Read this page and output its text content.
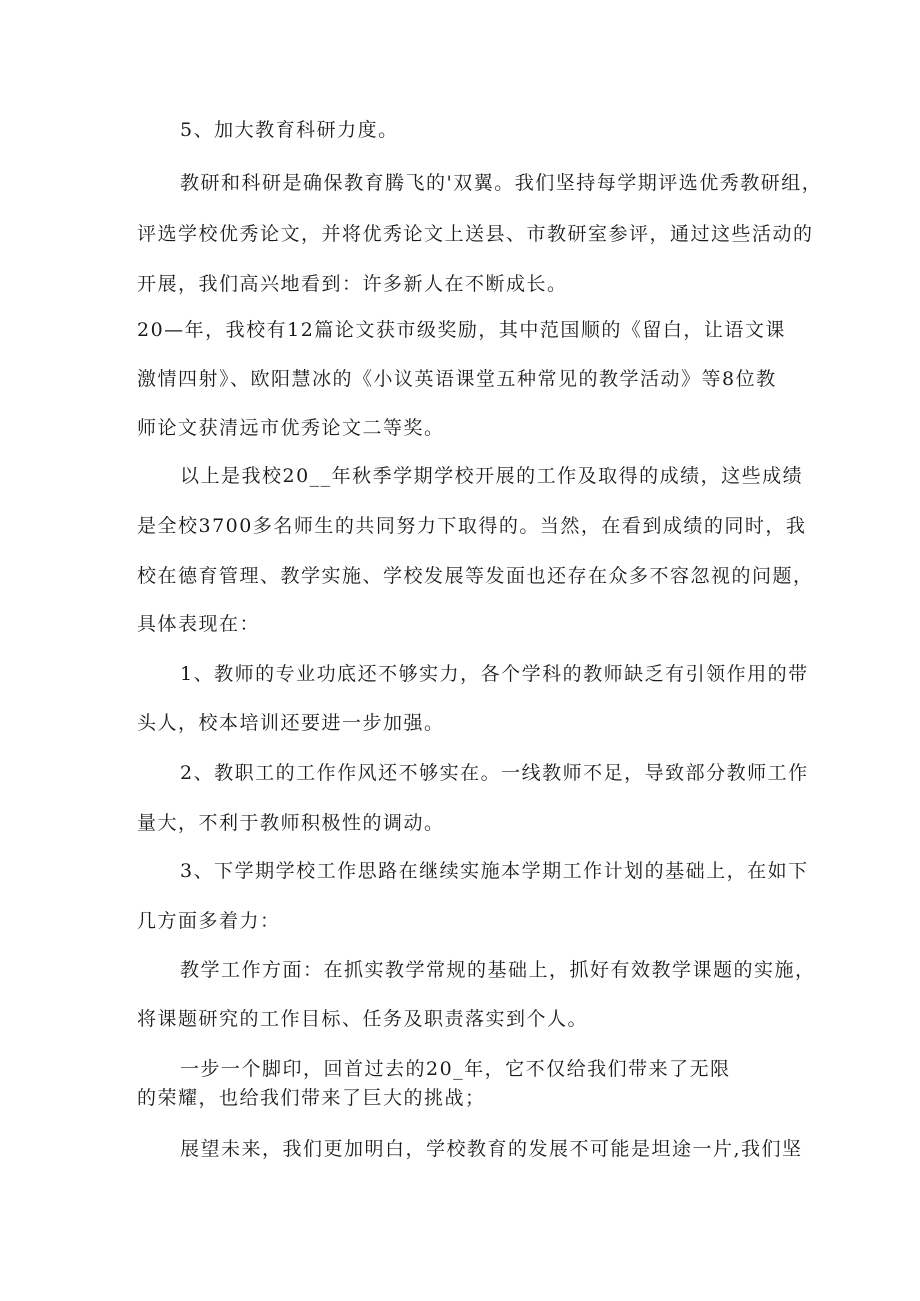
5、加大教育科研力度。
教研和科研是确保教育腾飞的'双翼。我们坚持每学期评选优秀教研组，
评选学校优秀论文，并将优秀论文上送县、市教研室参评，通过这些活动的
开展，我们高兴地看到：许多新人在不断成长。
20—年，我校有12篇论文获市级奖励，其中范国顺的《留白，让语文课
激情四射》、欧阳慧冰的《小议英语课堂五种常见的教学活动》等8位教
师论文获清远市优秀论文二等奖。
以上是我校20__年秋季学期学校开展的工作及取得的成绩，这些成绩
是全校3700多名师生的共同努力下取得的。当然，在看到成绩的同时，我
校在德育管理、教学实施、学校发展等发面也还存在众多不容忽视的问题，
具体表现在：
1、教师的专业功底还不够实力，各个学科的教师缺乏有引领作用的带
头人，校本培训还要进一步加强。
2、教职工的工作作风还不够实在。一线教师不足，导致部分教师工作
量大，不利于教师积极性的调动。
3、下学期学校工作思路在继续实施本学期工作计划的基础上，在如下
几方面多着力：
教学工作方面：在抓实教学常规的基础上，抓好有效教学课题的实施，
将课题研究的工作目标、任务及职责落实到个人。
一步一个脚印，回首过去的20_年，它不仅给我们带来了无限
的荣耀，也给我们带来了巨大的挑战；
展望未来，我们更加明白，学校教育的发展不可能是坦途一片,我们坚
